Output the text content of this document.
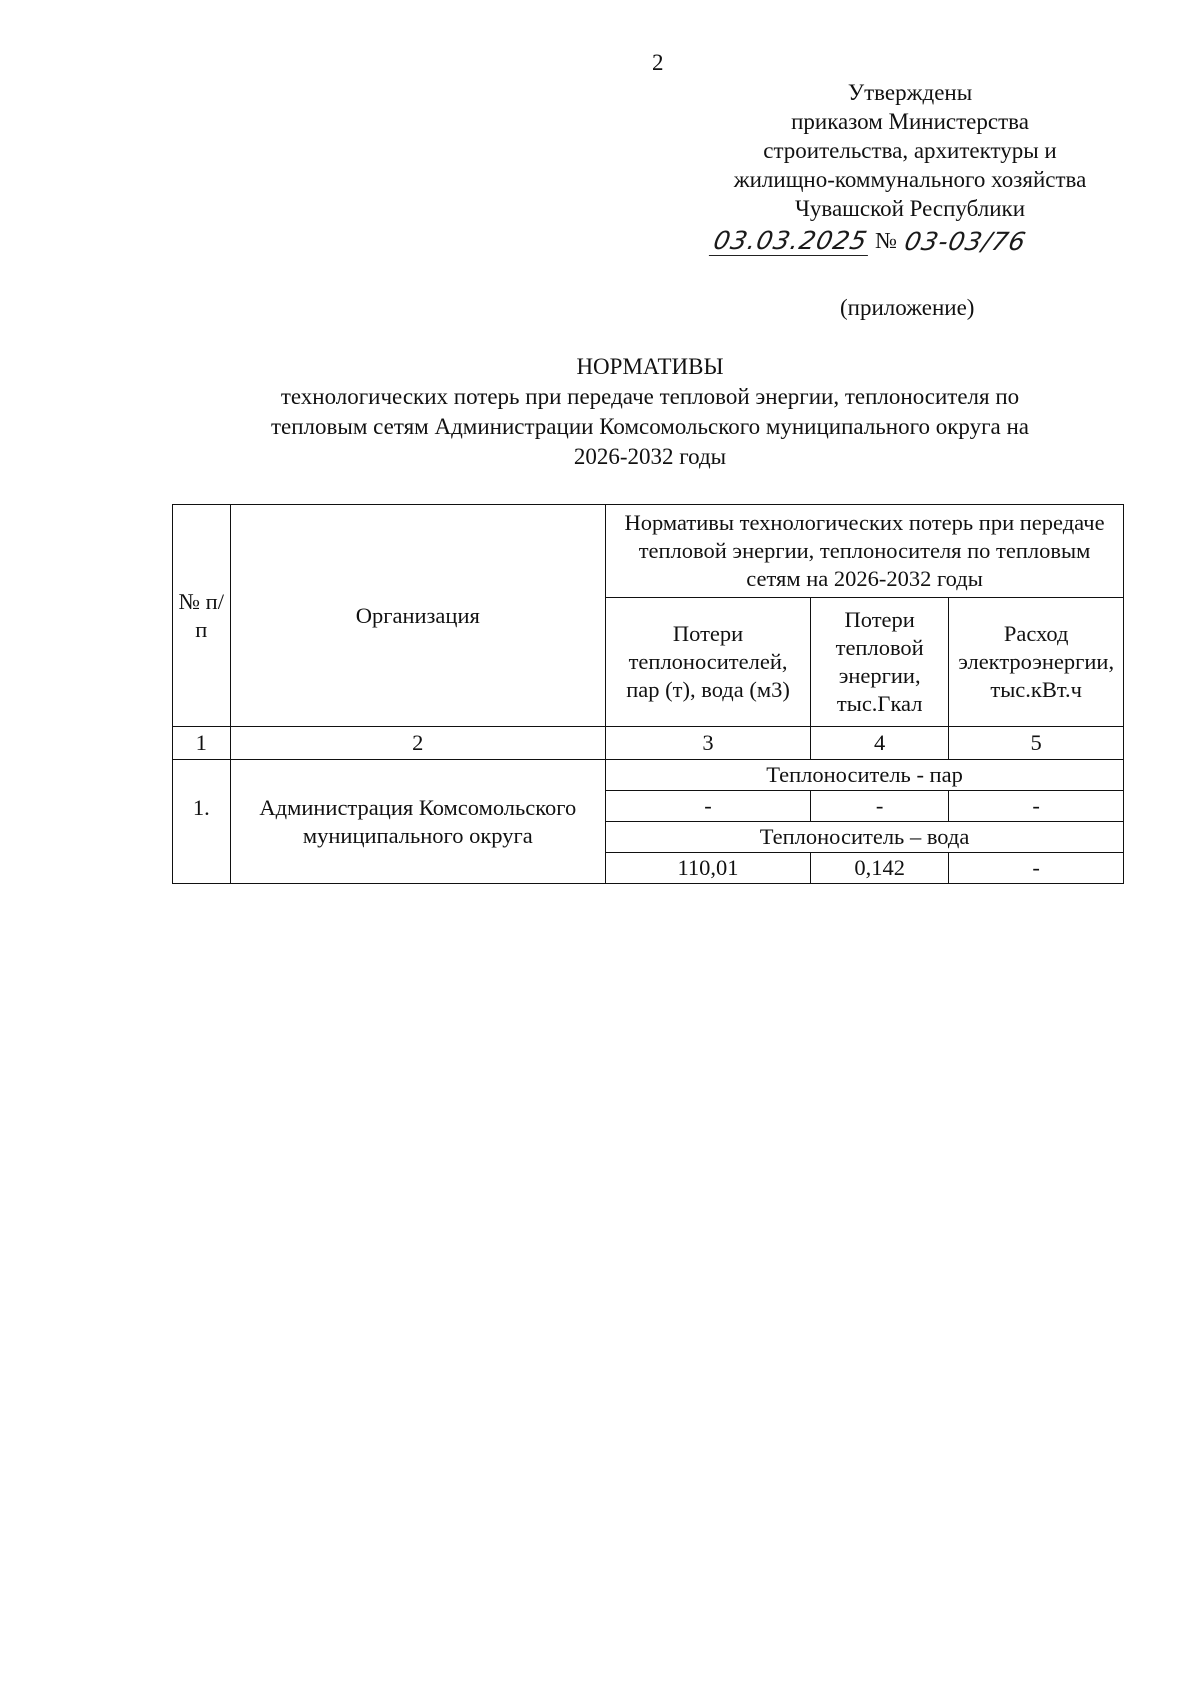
2
Утверждены
приказом Министерства
строительства, архитектуры и
жилищно-коммунального хозяйства
Чувашской Республики
03.03.2025 № 03-03/76
(приложение)
НОРМАТИВЫ
технологических потерь при передаче тепловой энергии, теплоносителя по
тепловым сетям Администрации Комсомольского муниципального округа на
2026-2032 годы
№ п/п	Организация	Нормативы технологических потерь при передаче тепловой энергии, теплоносителя по тепловым сетям на 2026-2032 годы		
		Потери теплоносителей, пар (т), вода (м3)	Потери тепловой энергии, тыс.Гкал	Расход электроэнергии, тыс.кВт.ч
1	2	3	4	5
1.	Администрация Комсомольского муниципального округа	Теплоноситель - пар		
		-	-	-
		Теплоноситель – вода		
		110,01	0,142	-
